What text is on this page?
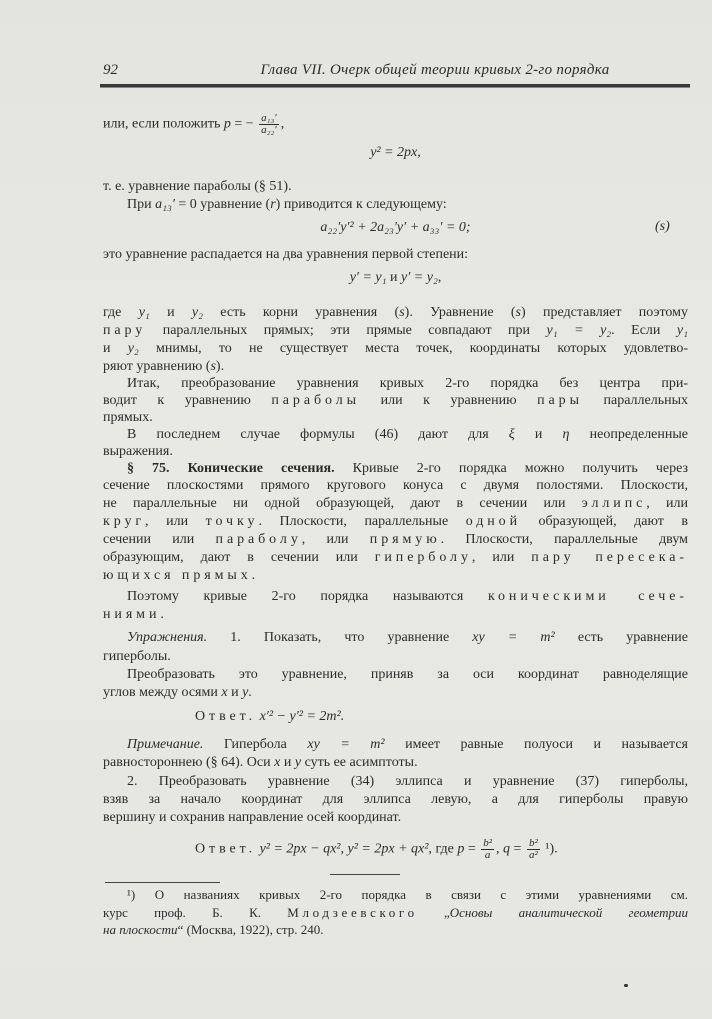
92	Глава VII. Очерк общей теории кривых 2-го порядка
или, если положить p = − $\frac{\text{a₁₃′}}{\text{a₂₂′}}$ ,
y² = 2px,
т. е. уравнение параболы (§ 51).
При a₁₃′ = 0 уравнение (r) приводится к следующему:
a₂₂′y′² + 2a₂₃′y′ + a₃₃′ = 0;
это уравнение распадается на два уравнения первой степени:
y′ = y₁ и y′ = y₂,
где y₁ и y₂ есть корни уравнения (s). Уравнение (s) представляет поэтому
пару параллельных прямых; эти прямые совпадают при y₁ = y₂. Если y₁
и y₂ мнимы, то не существует места точек, координаты которых удовлетво-
ряют уравнению (s).
Итак, преобразование уравнения кривых 2-го порядка без центра при-
водит к уравнению параболы или к уравнению пары параллельных
прямых.
В последнем случае формулы (46) дают для ξ и η неопределенные
выражения.
§ 75. Конические сечения. Кривые 2-го порядка можно получить через
сечение плоскостями прямого кругового конуса с двумя полостями. Плоскости,
не параллельные ни одной образующей, дают в сечении или эллипс, или
круг, или точку. Плоскости, параллельные одной образующей, дают в
сечении или параболу, или прямую. Плоскости, параллельные двум
образующим, дают в сечении или гиперболу, или пару пересека-
ющихся прямых.
Поэтому кривые 2-го порядка называются коническими сече-
ниями.
Упражнения. 1. Показать, что уравнение xy = m² есть уравнение
гиперболы.
Преобразовать это уравнение, приняв за оси координат равноделящие
углов между осями x и y.
Ответ. x′² − y′² = 2m².
Примечание. Гипербола xy = m² имеет равные полуоси и называется
равностороннею (§ 64). Оси x и y суть ее асимптоты.
2. Преобразовать уравнение (34) эллипса и уравнение (37) гиперболы,
взяв за начало координат для эллипса левую, а для гиперболы правую
вершину и сохранив направление осей координат.
Ответ. y² = 2px − qx², y² = 2px + qx², где $p = \frac{\text{b²}}{a}$ , $q = \frac{\text{b²}}{\text{a²}} ^1$).
¹) О названиях кривых 2-го порядка в связи с этими уравнениями см.
курс проф. Б. К. Млодзеевского „Основы аналитической геометрии
на плоскости“ (Москва, 1922), стр. 240.
(s)
